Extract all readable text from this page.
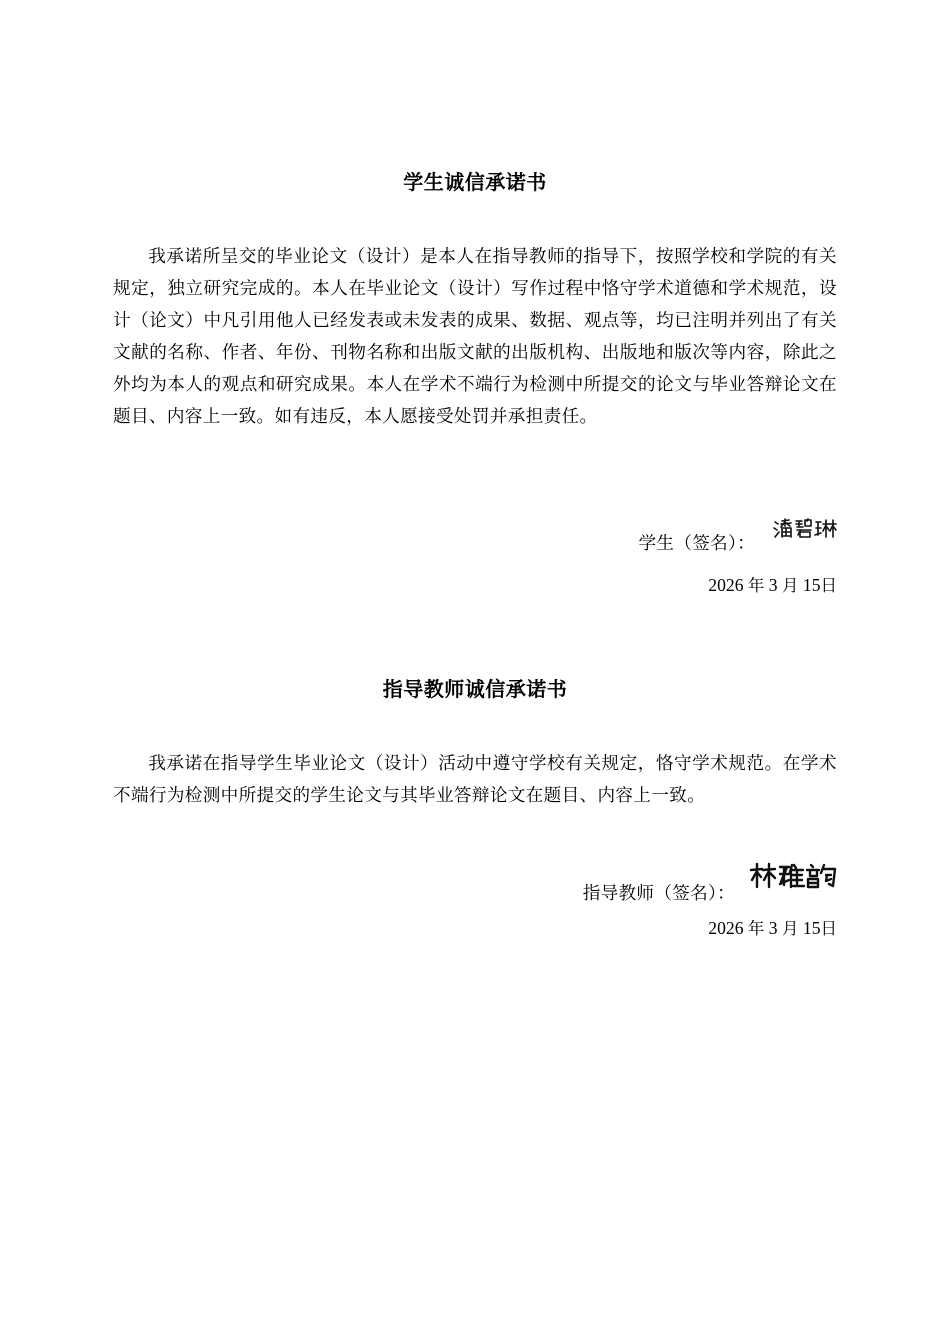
学生诚信承诺书

我承诺所呈交的毕业论文（设计）是本人在指导教师的指导下，按照学校和学院的有关规定，独立研究完成的。本人在毕业论文（设计）写作过程中恪守学术道德和学术规范，设计（论文）中凡引用他人已经发表或未发表的成果、数据、观点等，均已注明并列出了有关文献的名称、作者、年份、刊物名称和出版文献的出版机构、出版地和版次等内容，除此之外均为本人的观点和研究成果。本人在学术不端行为检测中所提交的论文与毕业答辩论文在题目、内容上一致。如有违反，本人愿接受处罚并承担责任。

学生（签名）：
2026 年 3 月 15日
指导教师诚信承诺书

我承诺在指导学生毕业论文（设计）活动中遵守学校有关规定，恪守学术规范。在学术不端行为检测中所提交的学生论文与其毕业答辩论文在题目、内容上一致。

指导教师（签名）：
2026 年 3 月 15日
